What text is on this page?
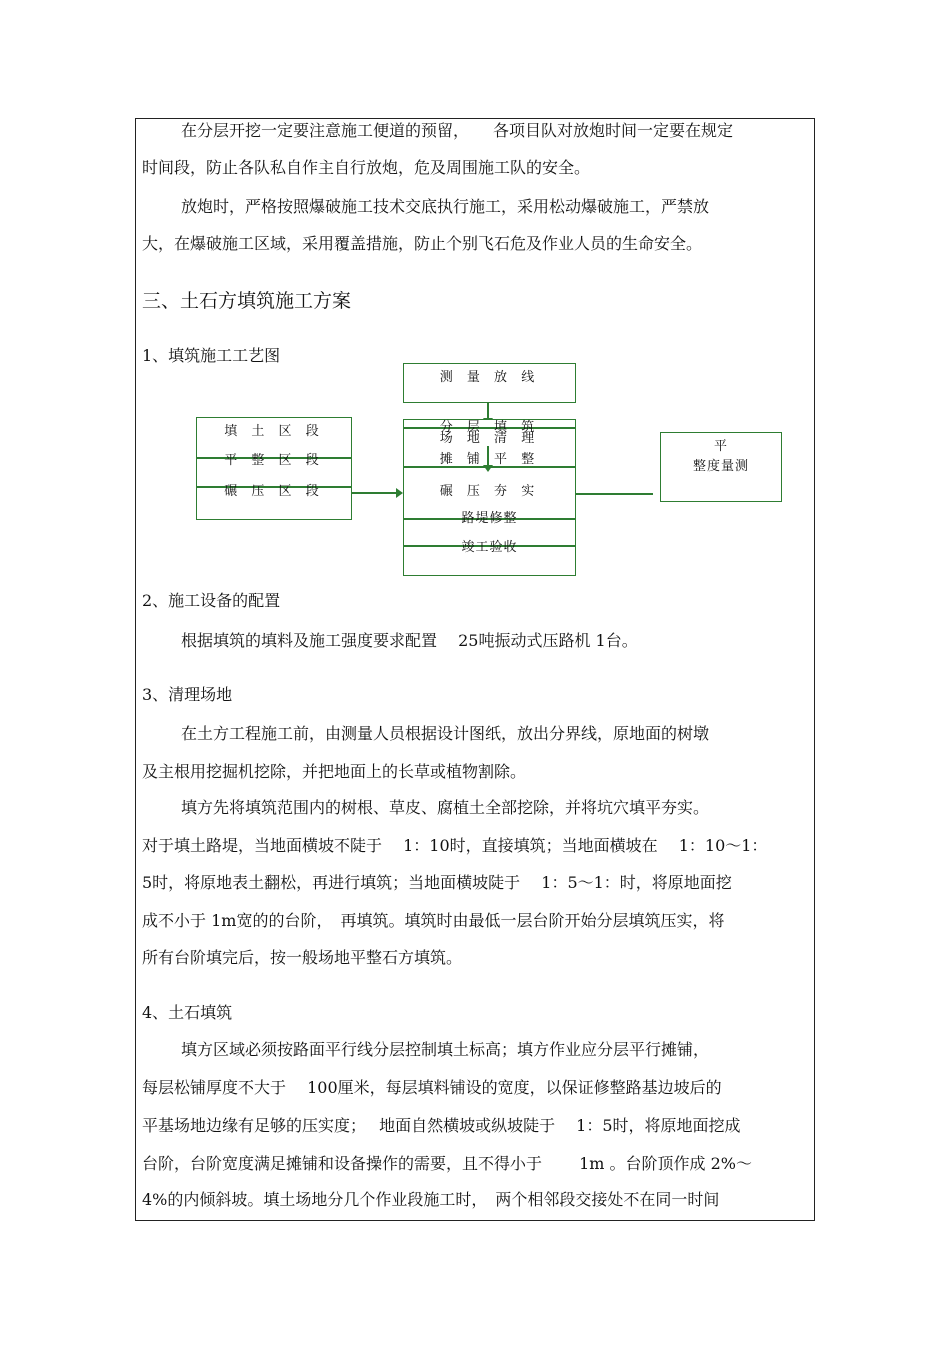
在分层开挖一定要注意施工便道的预留，　　各项目队对放炮时间一定要在规定
时间段，防止各队私自作主自行放炮，危及周围施工队的安全。
放炮时，严格按照爆破施工技术交底执行施工，采用松动爆破施工，严禁放
大，在爆破施工区域，采用覆盖措施，防止个别飞石危及作业人员的生命安全。
三、土石方填筑施工方案
1、填筑施工工艺图
填 土 区 段
平 整 区 段
碾 压 区 段
测 量 放 线
分 层 填 筑
场 地 清 理
摊 铺 平 整
碾 压 夯 实
路堤修整
竣工验收
平
整度量测
2、施工设备的配置
根据填筑的填料及施工强度要求配置　 25吨振动式压路机 1台。
3、清理场地
在土方工程施工前，由测量人员根据设计图纸，放出分界线，原地面的树墩
及主根用挖掘机挖除，并把地面上的长草或植物割除。
填方先将填筑范围内的树根、草皮、腐植土全部挖除，并将坑穴填平夯实。
对于填土路堤，当地面横坡不陡于　 1：10时，直接填筑；当地面横坡在　 1：10～1：
5时，将原地表土翻松，再进行填筑；当地面横坡陡于　 1：5～1：时，将原地面挖
成不小于 1m宽的的台阶，　再填筑。填筑时由最低一层台阶开始分层填筑压实，将
所有台阶填完后，按一般场地平整石方填筑。
4、土石填筑
填方区域必须按路面平行线分层控制填土标高；填方作业应分层平行摊铺，
每层松铺厚度不大于　 100厘米，每层填料铺设的宽度，以保证修整路基边坡后的
平基场地边缘有足够的压实度；　 地面自然横坡或纵坡陡于　 1：5时，将原地面挖成
台阶，台阶宽度满足摊铺和设备操作的需要，且不得小于　　 1m 。台阶顶作成 2%～
4%的内倾斜坡。填土场地分几个作业段施工时，　两个相邻段交接处不在同一时间
